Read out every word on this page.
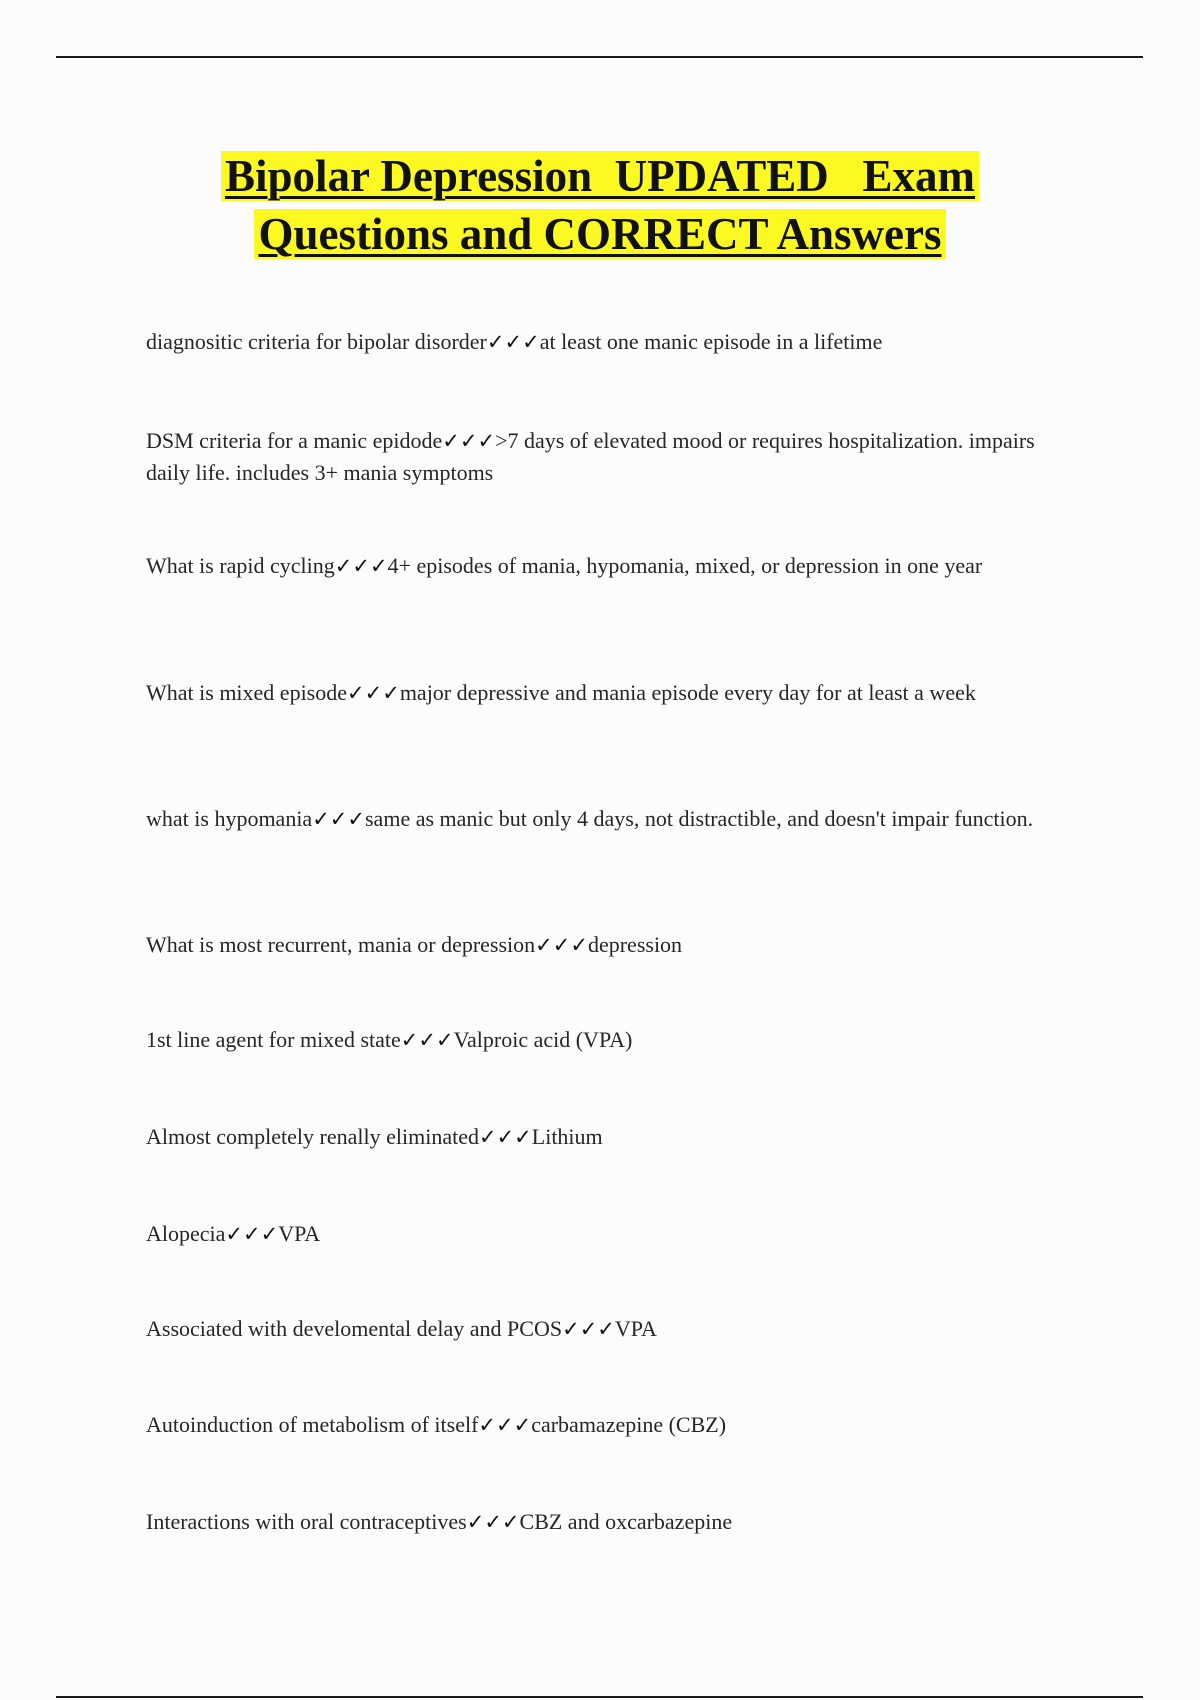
Bipolar Depression  UPDATED   Exam
Questions and CORRECT Answers

diagnositic criteria for bipolar disorder✓✓✓at least one manic episode in a lifetime

DSM criteria for a manic epidode✓✓✓>7 days of elevated mood or requires hospitalization. impairs daily life. includes 3+ mania symptoms

What is rapid cycling✓✓✓4+ episodes of mania, hypomania, mixed, or depression in one year

What is mixed episode✓✓✓major depressive and mania episode every day for at least a week

what is hypomania✓✓✓same as manic but only 4 days, not distractible, and doesn't impair function.

What is most recurrent, mania or depression✓✓✓depression

1st line agent for mixed state✓✓✓Valproic acid (VPA)

Almost completely renally eliminated✓✓✓Lithium

Alopecia✓✓✓VPA

Associated with develomental delay and PCOS✓✓✓VPA

Autoinduction of metabolism of itself✓✓✓carbamazepine (CBZ)

Interactions with oral contraceptives✓✓✓CBZ and oxcarbazepine
